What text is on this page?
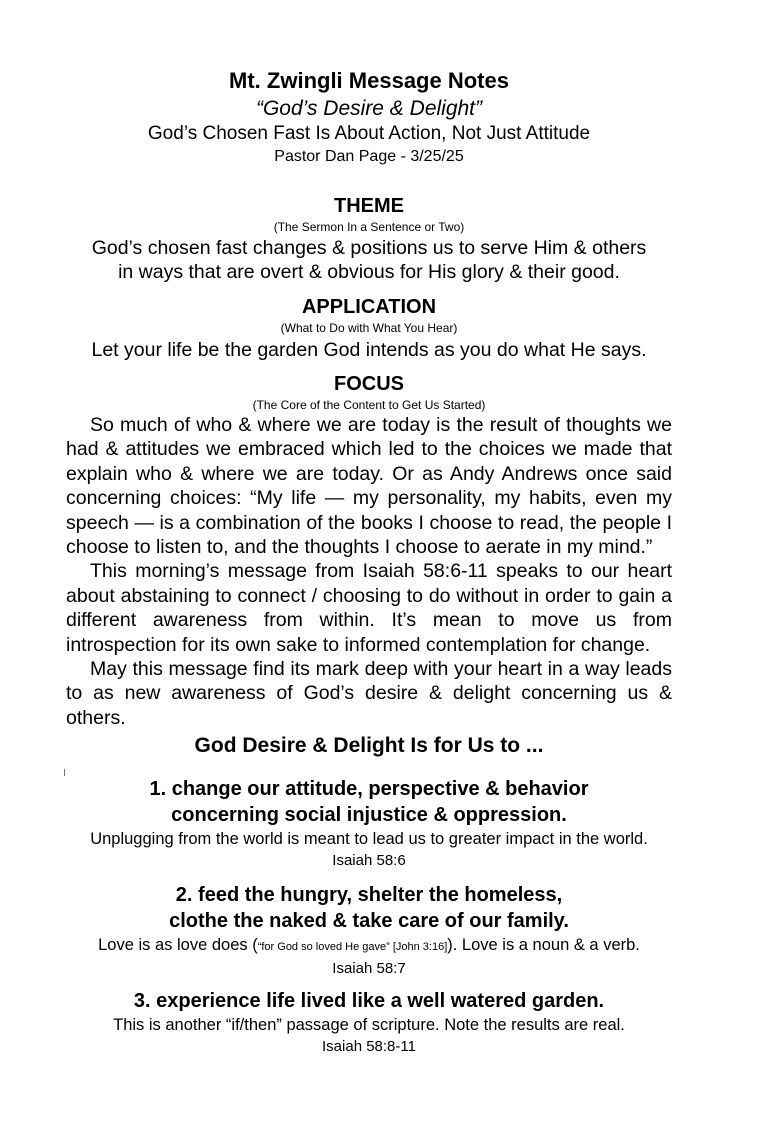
Mt. Zwingli Message Notes
“God’s Desire & Delight”
God’s Chosen Fast Is About Action, Not Just Attitude
Pastor Dan Page - 3/25/25
THEME
(The Sermon In a Sentence or Two)
God’s chosen fast changes & positions us to serve Him & others
in ways that are overt & obvious for His glory & their good.
APPLICATION
(What to Do with What You Hear)
Let your life be the garden God intends as you do what He says.
FOCUS
(The Core of the Content to Get Us Started)

So much of who & where we are today is the result of thoughts we had & attitudes we embraced which led to the choices we made that explain who & where we are today. Or as Andy Andrews once said concerning choices: “My life — my personality, my habits, even my speech — is a combination of the books I choose to read, the people I choose to listen to, and the thoughts I choose to aerate in my mind.”

This morning’s message from Isaiah 58:6-11 speaks to our heart about abstaining to connect / choosing to do without in order to gain a different awareness from within. It’s mean to move us from introspection for its own sake to informed contemplation for change.

May this message find its mark deep with your heart in a way leads to as new awareness of God’s desire & delight concerning us & others.

God Desire & Delight Is for Us to ...

1. change our attitude, perspective & behavior

concerning social injustice & oppression.

Unplugging from the world is meant to lead us to greater impact in the world.

Isaiah 58:6

2. feed the hungry, shelter the homeless,

clothe the naked & take care of our family.

Love is as love does (“for God so loved He gave” [John 3:16]). Love is a noun & a verb.

Isaiah 58:7

3. experience life lived like a well watered garden.

This is another “if/then” passage of scripture. Note the results are real.

Isaiah 58:8-11
